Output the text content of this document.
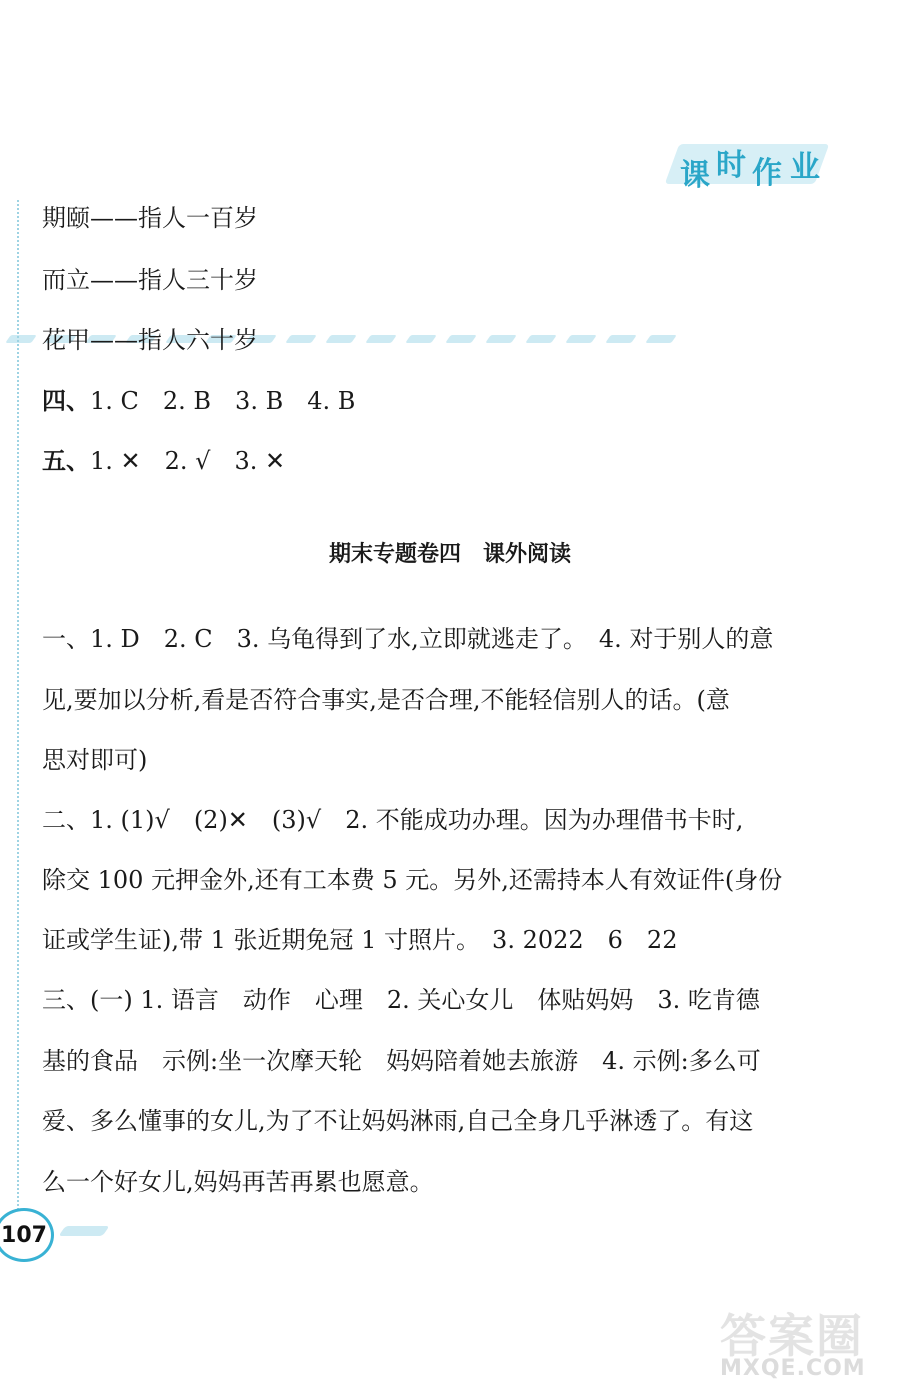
课 时 作 业
期颐——指人一百岁
而立——指人三十岁
花甲——指人六十岁
四、1. C　2. B　3. B　4. B
五、1. ✕　2. √　3. ✕
期末专题卷四　课外阅读
一、1. D　2. C　3. 乌龟得到了水,立即就逃走了。　4. 对于别人的意
见,要加以分析,看是否符合事实,是否合理,不能轻信别人的话。(意
思对即可)
二、1. (1)√　(2)✕　(3)√　2. 不能成功办理。因为办理借书卡时,
除交 100 元押金外,还有工本费 5 元。另外,还需持本人有效证件(身份
证或学生证),带 1 张近期免冠 1 寸照片。　3. 2022　6　22
三、(一) 1. 语言　动作　心理　2. 关心女儿　体贴妈妈　3. 吃肯德
基的食品　示例:坐一次摩天轮　妈妈陪着她去旅游　4. 示例:多么可
爱、多么懂事的女儿,为了不让妈妈淋雨,自己全身几乎淋透了。有这
么一个好女儿,妈妈再苦再累也愿意。
107
答案圈
MXQE.COM
